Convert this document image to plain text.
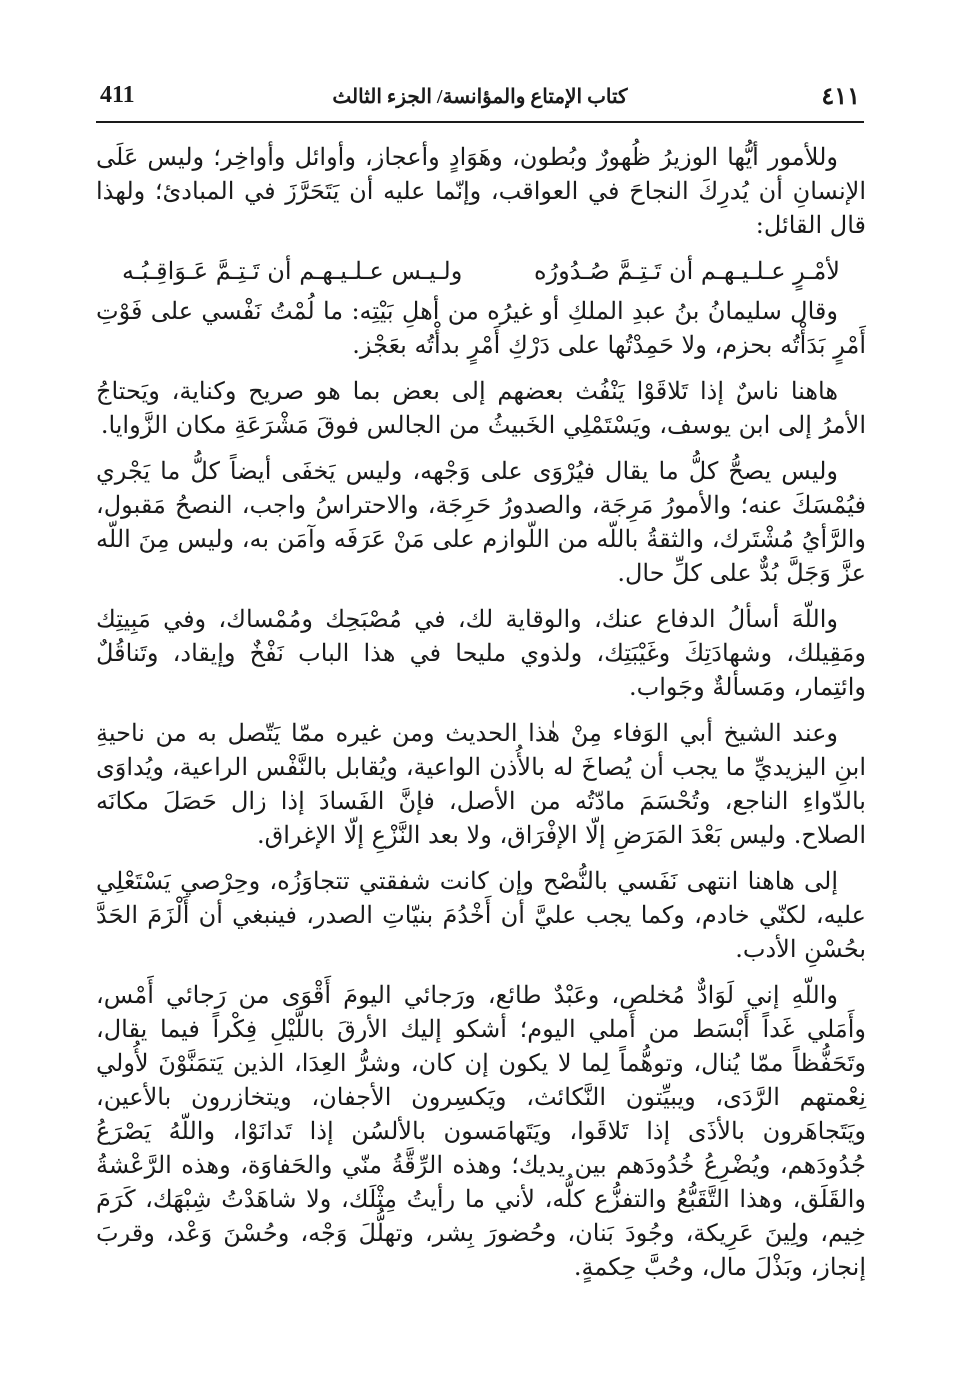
411	كتاب الإمتاع والمؤانسة/ الجزء الثالث	٤١١

وللأمور أيُّها الوزيرُ ظُهورٌ وبُطون، وهَوَادٍ وأعجاز، وأوائل وأواخِر؛ وليس عَلَى الإنسانِ أن يُدرِكَ النجاحَ في العواقب، وإنّما عليه أن يَتَحَرَّزَ في المبادئ؛ ولهذا قال القائل:

لأمْـرٍ عـلـيـهـم أن تَـتِـمَّ صُـدُورُه
ولـيـس عـلـيـهـم أن تَـتِـمَّ عَـوَاقِـبُـه

وقال سليمانُ بنُ عبدِ الملكِ أو غيرُه من أهلِ بَيْتِه: ما لُمْتُ نَفْسي على فَوْتِ أَمْرٍ بَدَأْتُه بحزم، ولا حَمِدْتُها على دَرْكِ أَمْرٍ بدأْتُه بعَجْز.

هاهنا ناسٌ إذا تَلاقَوْا يَنْفُث بعضهم إلى بعض بما هو صريح وكناية، ويَحتاجُ الأمرُ إلى ابن يوسف، ويَسْتَمْلِي الخَبيثُ من الجالس فوقَ مَشْرَعَةِ مكان الزَّوايا.

وليس يصحُّ كلُّ ما يقال فيُرْوَى على وَجْهه، وليس يَخفَى أيضاً كلُّ ما يَجْري فيُمْسَكَ عنه؛ والأمورُ مَرِجَة، والصدورُ حَرِجَة، والاحتراسُ واجب، النصحُ مَقبول، والرَّأيُ مُشْتَرك، والثقةُ باللّه من اللّوازم على مَنْ عَرَفَه وآمَن به، وليس مِنَ اللّه عزَّ وَجَلَّ بُدٌّ على كلِّ حال.

واللّهَ أسألُ الدفاع عنك، والوقاية لك، في مُصْبَحِك ومُمْساك، وفي مَبِيتِك ومَقِيلك، وشهادَتِكَ وغَيْبَتِك، ولذوي مليحا في هذا الباب نَفْخٌ وإيقاد، وتَناقُلٌ وائتِمار، ومَسألةٌ وجَواب.

وعند الشيخ أبي الوَفاء مِنْ هٰذا الحديث ومن غيره ممّا يَتّصل به من ناحيةِ ابنِ اليزيديِّ ما يجب أن يُصاخَ له بالأُذن الواعية، ويُقابل بالنَّفْس الراعية، ويُداوَى بالدّواءِ الناجع، وتُحْسَمَ مادّتُه من الأصل، فإنَّ الفَسادَ إذا زال حَصَلَ مكانَه الصلاح. وليس بَعْدَ المَرَضِ إلّا الإفْرَاق، ولا بعد النَّزْعِ إلّا الإغراق.

إلى هاهنا انتهى نَفَسي بالنُّصْح وإن كانت شفقتي تتجاوَزُه، وحِرْصي يَسْتَعْلِي عليه، لكنّي خادم، وكما يجب عليَّ أن أَخْدُمَ بنيّاتِ الصدر، فينبغي أن أَلْزَمَ الحَدَّ بحُسْنِ الأدب.

واللّهِ إني لَوَادٌّ مُخلص، وعَبْدٌ طائع، ورَجائي اليومَ أَقْوَى من رَجائي أَمْس، وأَمَلي غَداً أَبْسَط من أَملي اليوم؛ أشكو إليك الأرقَ باللَّيْلِ فِكْراً فيما يقال، وتَحَفُّظاً ممّا يُنال، وتوهُّماً لِما لا يكون إن كان، وشرُّ العِدَا، الذين يَتمَنَّوْنَ لأُولي نِعْمتهم الرَّدَى، ويبيِّتون النَّكائث، ويَكسِرون الأجفان، ويتخازرون بالأعين، ويَتَجاهَرون بالأذَى إذا تَلاقَوا، ويَتَهامَسون بالألسُن إذا تَدانَوْا، واللّهُ يَصْرَعُ جُدُودَهم، ويُضْرِعُ خُدُودَهم بين يديك؛ وهذه الرِّقَّةُ منّي والحَفاوَة، وهذه الرَّعْشةُ والقَلَق، وهذا التَّقَبُّعُ والتفزُّع كلُّه، لأني ما رأيتُ مِثْلَك، ولا شاهَدْتُ شِبْهَك، كَرَمَ خِيم، ولِينَ عَرِيكة، وجُودَ بَنان، وحُضورَ بِشر، وتهلُّلَ وَجْه، وحُسْنَ وَعْد، وقربَ إنجاز، وبَذْلَ مال، وحُبَّ حِكمةٍ.
